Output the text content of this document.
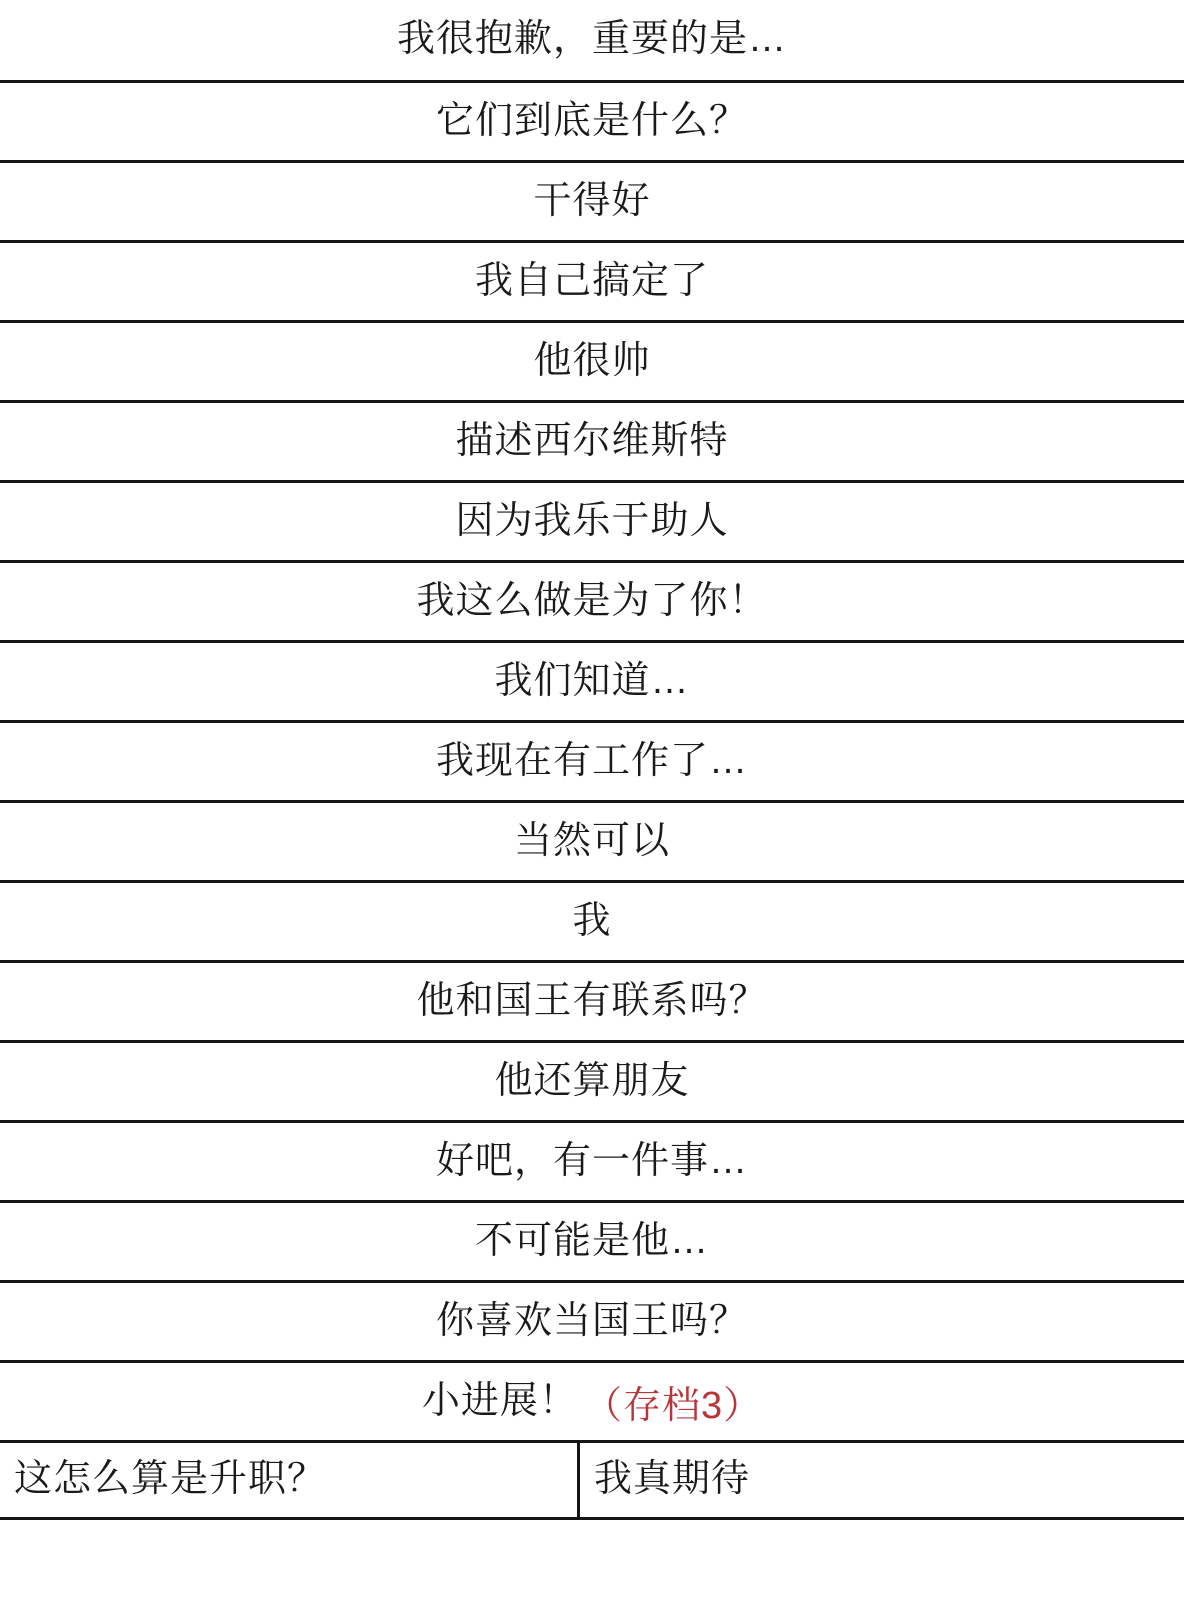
我很抱歉，重要的是…
它们到底是什么？
干得好
我自己搞定了
他很帅
描述西尔维斯特
因为我乐于助人
我这么做是为了你！
我们知道…
我现在有工作了…
当然可以
我
他和国王有联系吗？
他还算朋友
好吧，有一件事…
不可能是他…
你喜欢当国王吗？
小进展！ （存档3）
这怎么算是升职？	我真期待
